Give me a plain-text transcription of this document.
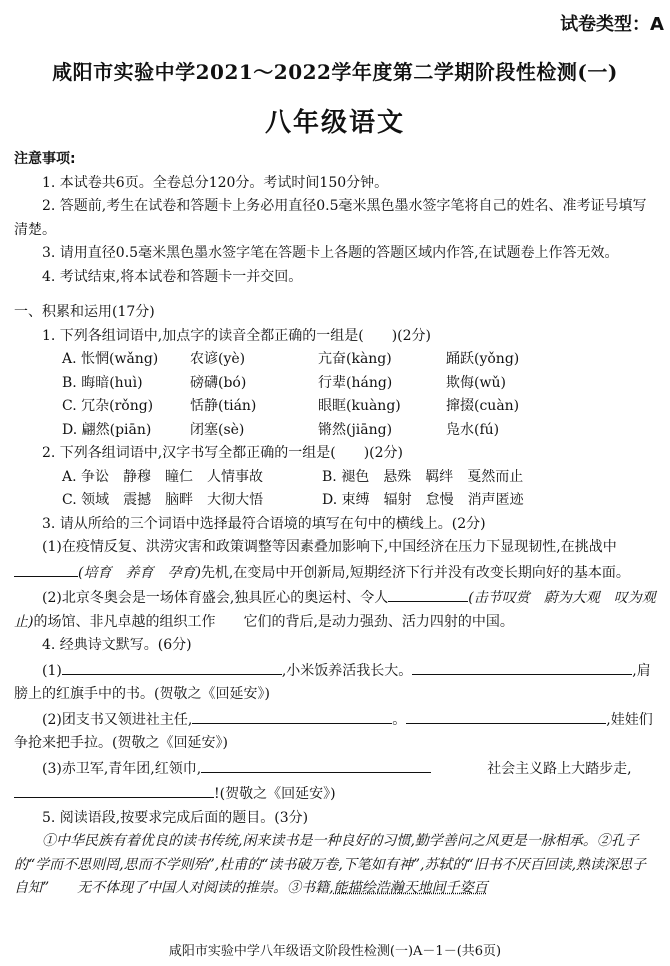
试卷类型：A
咸阳市实验中学2021～2022学年度第二学期阶段性检测(一)
八年级语文

注意事项:

1. 本试卷共6页。全卷总分120分。考试时间150分钟。

2. 答题前,考生在试卷和答题卡上务必用直径0.5毫米黑色墨水签字笔将自己的姓名、准考证号填写清楚。

3. 请用直径0.5毫米黑色墨水签字笔在答题卡上各题的答题区域内作答,在试题卷上作答无效。

4. 考试结束,将本试卷和答题卡一并交回。

一、积累和运用(17分)

1. 下列各组词语中,加点字的读音全都正确的一组是(　　)(2分)

A. 怅惘(wǎng)	农谚(yè)	亢奋(kàng)	踊跃(yǒng)
B. 晦暗(huì)	磅礴(bó)	行辈(háng)	欺侮(wǔ)
C. 冗杂(rǒng)	恬静(tián)	眼眶(kuàng)	撺掇(cuàn)
D. 翩然(piān)	闭塞(sè)	锵然(jiāng)	凫水(fú)

2. 下列各组词语中,汉字书写全都正确的一组是(　　)(2分)

A. 争讼　静穆　瞳仁　人情事故	B. 褪色　悬殊　羁绊　戛然而止
C. 领域　震撼　脑畔　大彻大悟	D. 束缚　辐射　怠慢　消声匿迹

3. 请从所给的三个词语中选择最符合语境的填写在句中的横线上。(2分)

(1)在疫情反复、洪涝灾害和政策调整等因素叠加影响下,中国经济在压力下显现韧性,在挑战中(培育　养育　孕育)先机,在变局中开创新局,短期经济下行并没有改变长期向好的基本面。

(2)北京冬奥会是一场体育盛会,独具匠心的奥运村、令人	(击节叹赏　蔚为大观　叹为观止)的场馆、非凡卓越的组织工作　　它们的背后,是动力强劲、活力四射的中国。

4. 经典诗文默写。(6分)

(1)	,小米饭养活我长大。	,肩膀上的红旗手中的书。(贺敬之《回延安》)

(2)团支书又领进社主任,	。	,娃娃们争抢来把手拉。(贺敬之《回延安》)

(3)赤卫军,青年团,红领巾,　　　　	社会主义路上大踏步走,!(贺敬之《回延安》)

5. 阅读语段,按要求完成后面的题目。(3分)

①中华民族有着优良的读书传统,闲来读书是一种良好的习惯,勤学善问之风更是一脉相承。②孔子的“学而不思则罔,思而不学则殆”,杜甫的“读书破万卷,下笔如有神”,苏轼的“旧书不厌百回读,熟读深思子自知”　　无不体现了中国人对阅读的推崇。③书籍,能描绘浩瀚天地间千姿百

咸阳市实验中学八年级语文阶段性检测(一)A－1－(共6页)
